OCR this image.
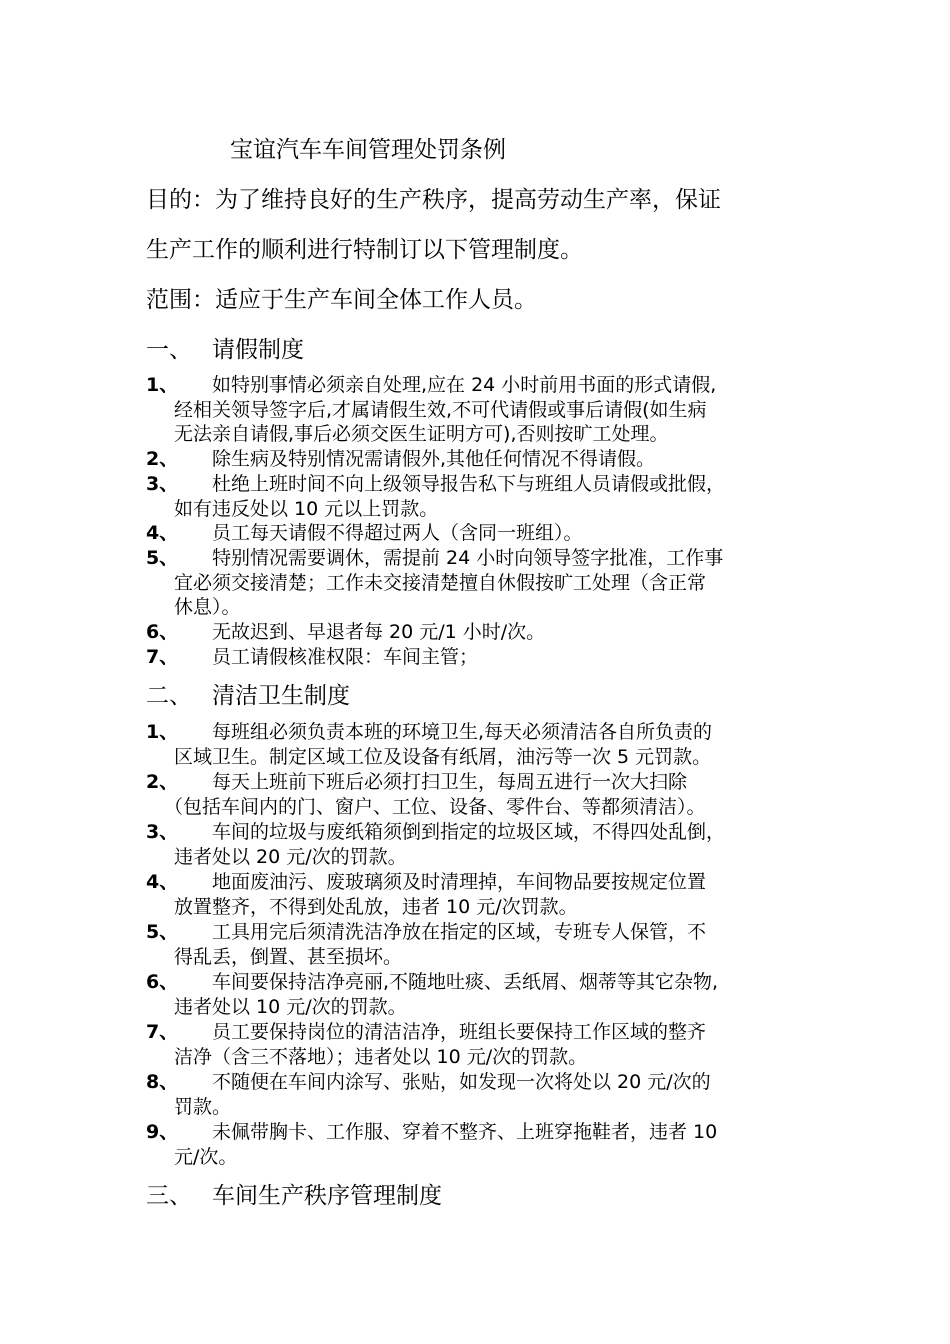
宝谊汽车车间管理处罚条例
目的：为了维持良好的生产秩序，提高劳动生产率，保证
生产工作的顺利进行特制订以下管理制度。
范围：适应于生产车间全体工作人员。
一、 请假制度
1、	如特别事情必须亲自处理,应在 24 小时前用书面的形式请假,
经相关领导签字后,才属请假生效,不可代请假或事后请假(如生病
无法亲自请假,事后必须交医生证明方可),否则按旷工处理。
2、	除生病及特别情况需请假外,其他任何情况不得请假。
3、	杜绝上班时间不向上级领导报告私下与班组人员请假或批假，
如有违反处以 10 元以上罚款。
4、	员工每天请假不得超过两人（含同一班组）。
5、	特别情况需要调休，需提前 24 小时向领导签字批准，工作事
宜必须交接清楚；工作未交接清楚擅自休假按旷工处理（含正常
休息）。
6、	无故迟到、早退者每 20 元/1 小时/次。
7、	员工请假核准权限：车间主管；
二、 清洁卫生制度
1、	每班组必须负责本班的环境卫生,每天必须清洁各自所负责的
区域卫生。制定区域工位及设备有纸屑，油污等一次 5 元罚款。
2、	每天上班前下班后必须打扫卫生，每周五进行一次大扫除
（包括车间内的门、窗户、工位、设备、零件台、等都须清洁）。
3、	车间的垃圾与废纸箱须倒到指定的垃圾区域，不得四处乱倒，
违者处以 20 元/次的罚款。
4、	地面废油污、废玻璃须及时清理掉，车间物品要按规定位置
放置整齐，不得到处乱放，违者 10 元/次罚款。
5、	工具用完后须清洗洁净放在指定的区域，专班专人保管，不
得乱丢，倒置、甚至损坏。
6、	车间要保持洁净亮丽,不随地吐痰、丢纸屑、烟蒂等其它杂物,
违者处以 10 元/次的罚款。
7、	员工要保持岗位的清洁洁净，班组长要保持工作区域的整齐
洁净（含三不落地）；违者处以 10 元/次的罚款。
8、	不随便在车间内涂写、张贴，如发现一次将处以 20 元/次的
罚款。
9、	未佩带胸卡、工作服、穿着不整齐、上班穿拖鞋者，违者 10
元/次。
三、 车间生产秩序管理制度
